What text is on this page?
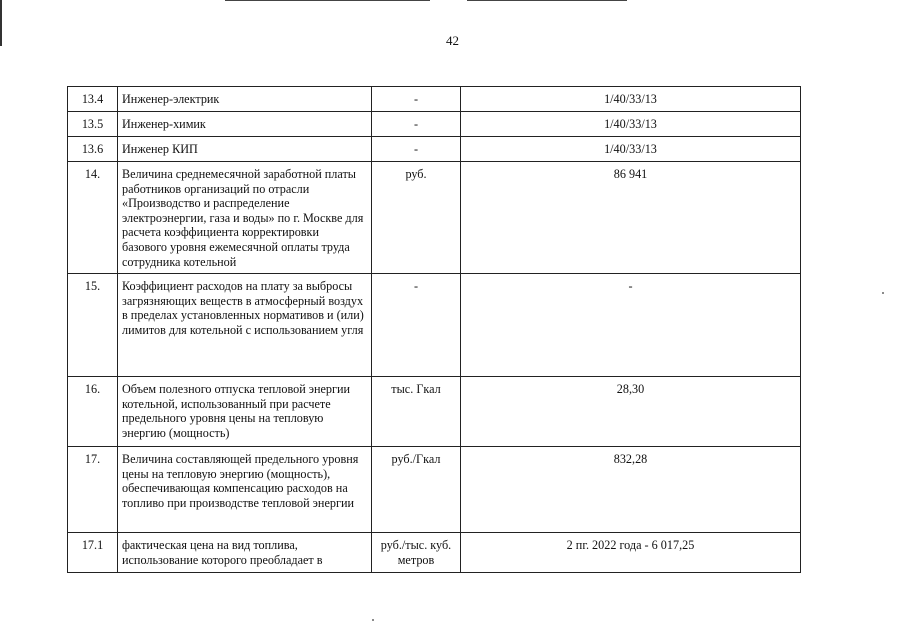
42
13.4	Инженер-электрик	-	1/40/33/13
13.5	Инженер-химик	-	1/40/33/13
13.6	Инженер КИП	-	1/40/33/13
14.	Величина среднемесячной заработной платы работников организаций по отрасли «Производство и распределение электроэнергии, газа и воды» по г. Москве для расчета коэффициента корректировки базового уровня ежемесячной оплаты труда сотрудника котельной	руб.	86 941
15.	Коэффициент расходов на плату за выбросы загрязняющих веществ в атмосферный воздух в пределах установленных нормативов и (или) лимитов для котельной с использованием угля	-	-
16.	Объем полезного отпуска тепловой энергии котельной, использованный при расчете предельного уровня цены на тепловую энергию (мощность)	тыс. Гкал	28,30
17.	Величина составляющей предельного уровня цены на тепловую энергию (мощность), обеспечивающая компенсацию расходов на топливо при производстве тепловой энергии	руб./Гкал	832,28
17.1	фактическая цена на вид топлива, использование которого преобладает в	руб./тыс. куб. метров	2 пг. 2022 года - 6 017,25
